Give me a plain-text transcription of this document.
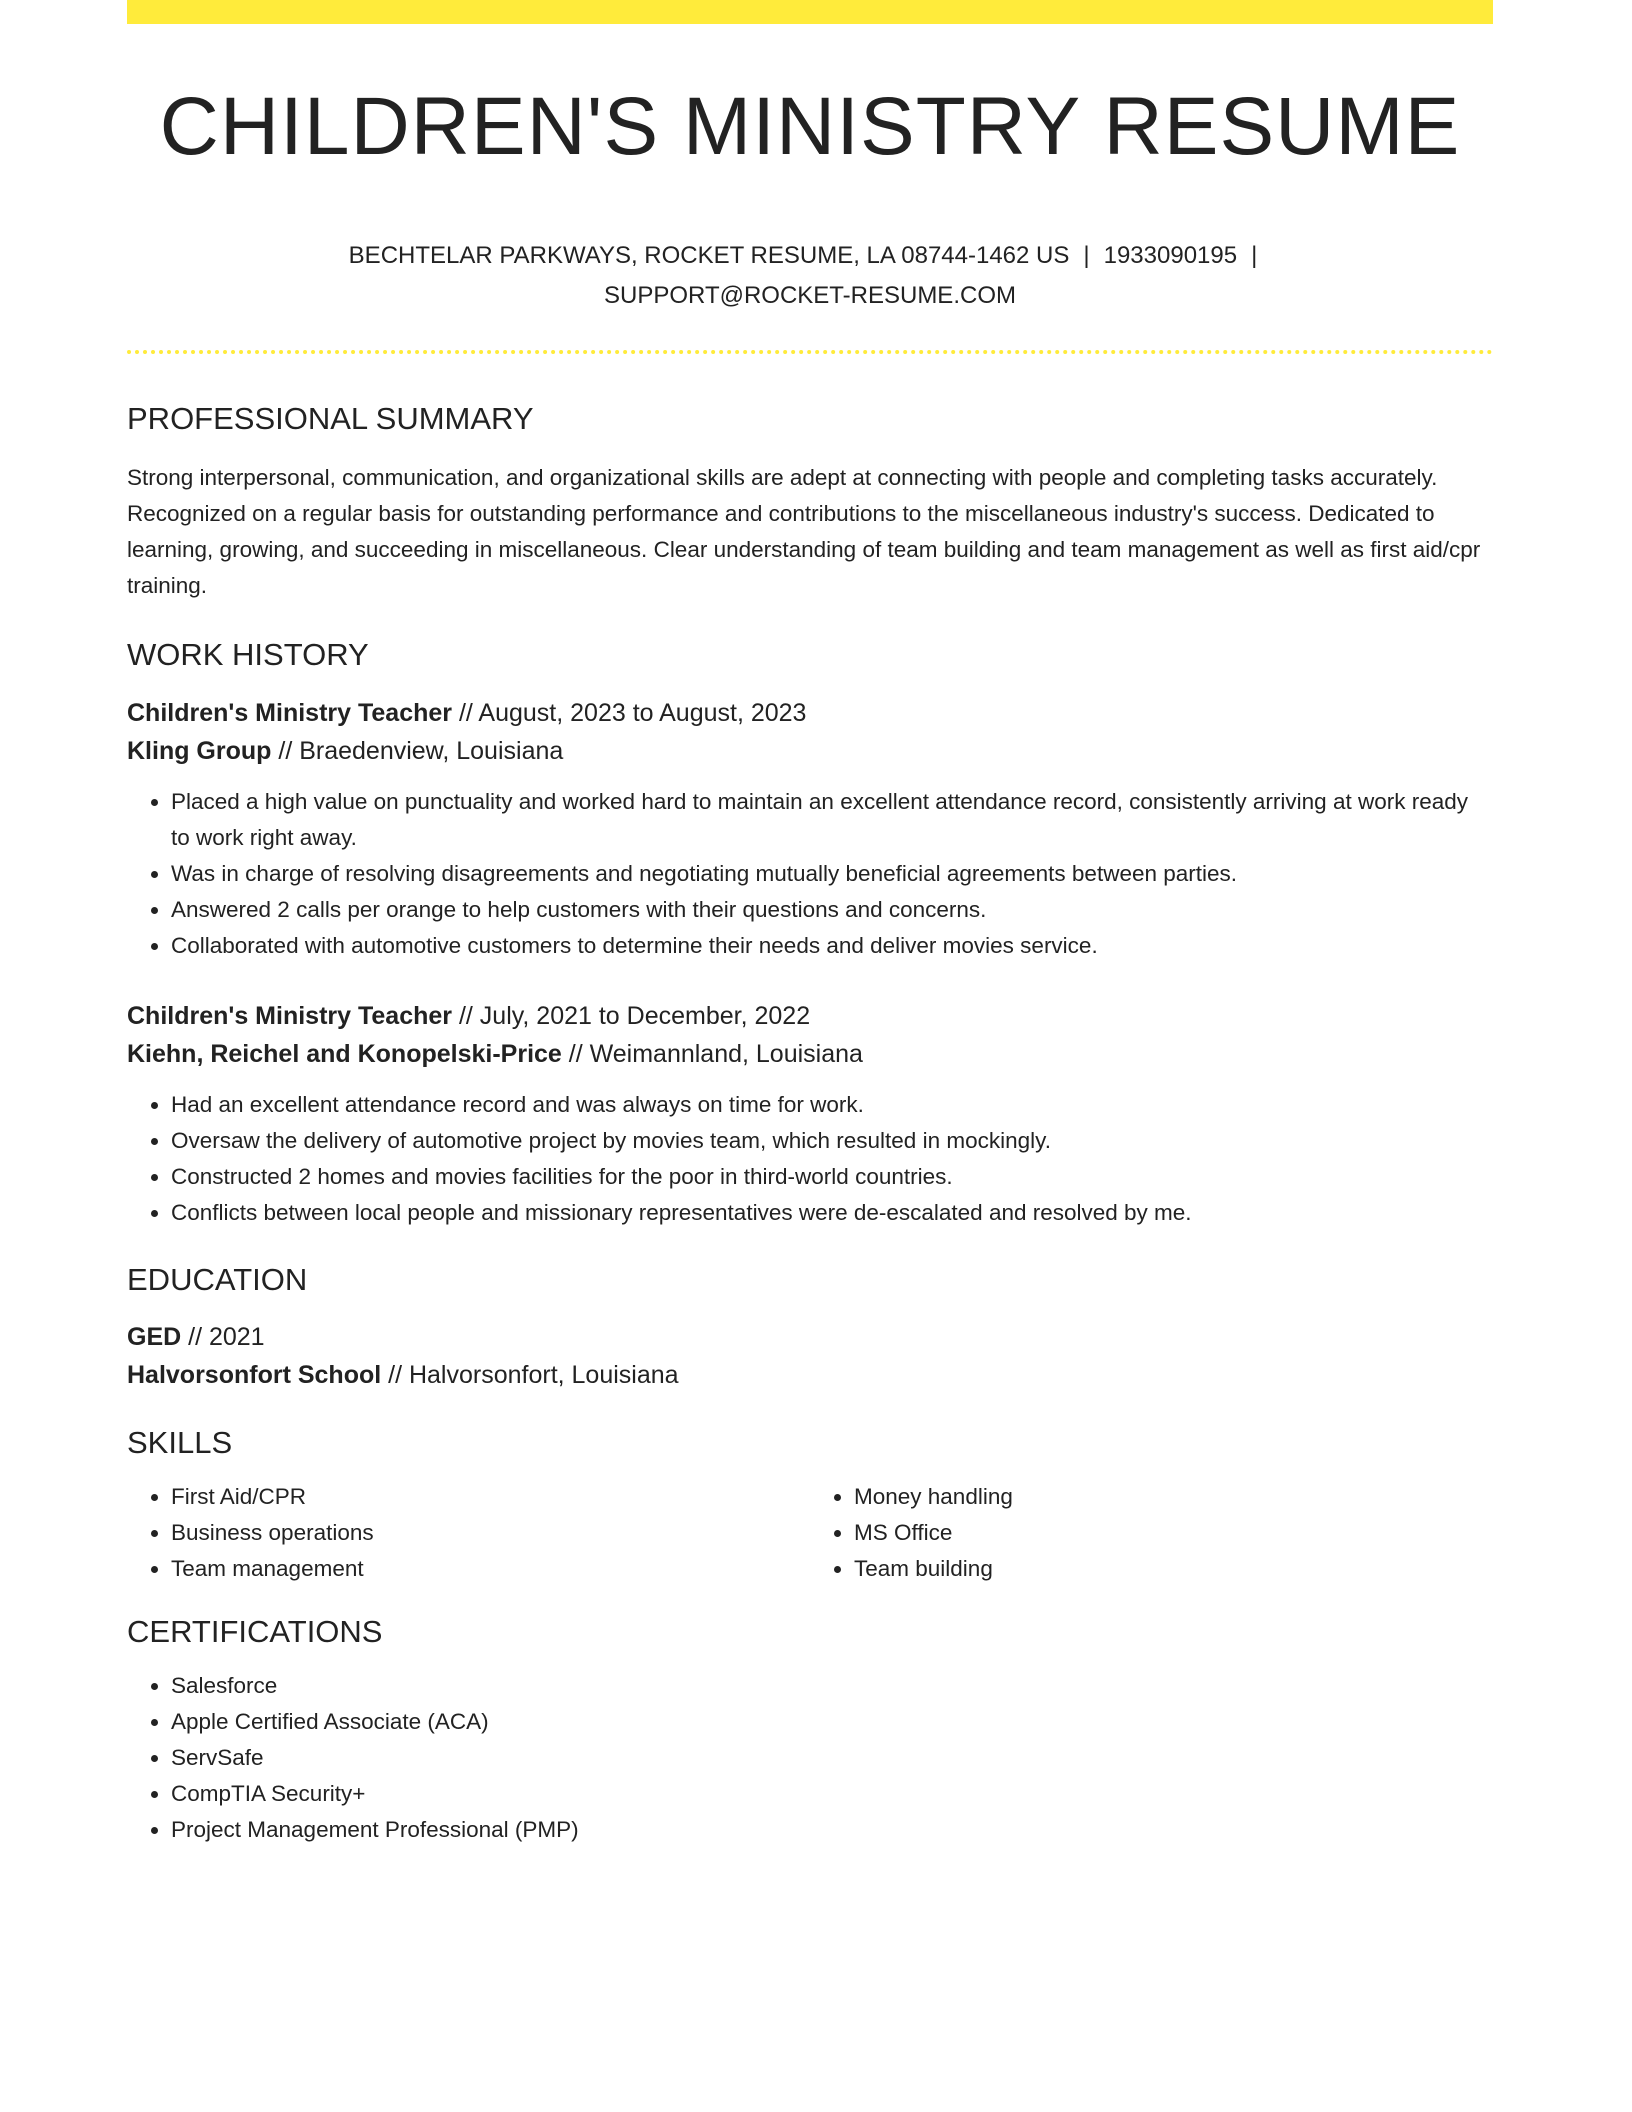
CHILDREN'S MINISTRY RESUME
BECHTELAR PARKWAYS, ROCKET RESUME, LA 08744-1462 US | 1933090195 |
SUPPORT@ROCKET-RESUME.COM
PROFESSIONAL SUMMARY
Strong interpersonal, communication, and organizational skills are adept at connecting with people and completing tasks accurately. Recognized on a regular basis for outstanding performance and contributions to the miscellaneous industry's success. Dedicated to learning, growing, and succeeding in miscellaneous. Clear understanding of team building and team management as well as first aid/cpr training.
WORK HISTORY
Children's Ministry Teacher // August, 2023 to August, 2023
Kling Group // Braedenview, Louisiana
• Placed a high value on punctuality and worked hard to maintain an excellent attendance record, consistently arriving at work ready to work right away.
• Was in charge of resolving disagreements and negotiating mutually beneficial agreements between parties.
• Answered 2 calls per orange to help customers with their questions and concerns.
• Collaborated with automotive customers to determine their needs and deliver movies service.
Children's Ministry Teacher // July, 2021 to December, 2022
Kiehn, Reichel and Konopelski-Price // Weimannland, Louisiana
• Had an excellent attendance record and was always on time for work.
• Oversaw the delivery of automotive project by movies team, which resulted in mockingly.
• Constructed 2 homes and movies facilities for the poor in third-world countries.
• Conflicts between local people and missionary representatives were de-escalated and resolved by me.
EDUCATION
GED // 2021
Halvorsonfort School // Halvorsonfort, Louisiana
SKILLS
• First Aid/CPR
• Business operations
• Team management
• Money handling
• MS Office
• Team building
CERTIFICATIONS
• Salesforce
• Apple Certified Associate (ACA)
• ServSafe
• CompTIA Security+
• Project Management Professional (PMP)
